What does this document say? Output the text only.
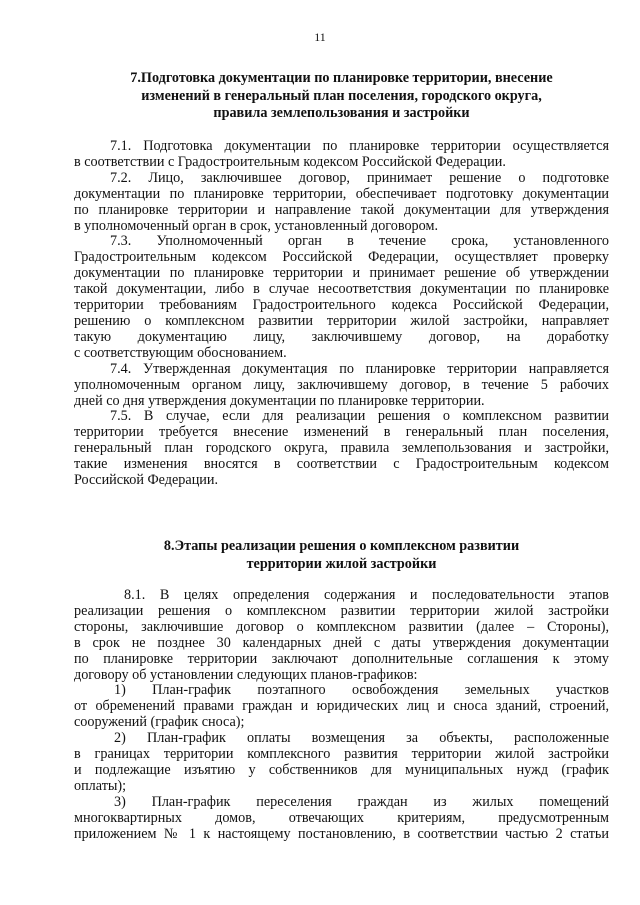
11
7.Подготовка документации по планировке территории, внесение
изменений в генеральный план поселения, городского округа,
правила землепользования и застройки
7.1. Подготовка документации по планировке территории осуществляется
в соответствии с Градостроительным кодексом Российской Федерации.
7.2. Лицо, заключившее договор, принимает решение о подготовке
документации по планировке территории, обеспечивает подготовку документации
по планировке территории и направление такой документации для утверждения
в уполномоченный орган в срок, установленный договором.
7.3. Уполномоченный орган в течение срока, установленного
Градостроительным кодексом Российской Федерации, осуществляет проверку
документации по планировке территории и принимает решение об утверждении
такой документации, либо в случае несоответствия документации по планировке
территории требованиям Градостроительного кодекса Российской Федерации,
решению о комплексном развитии территории жилой застройки, направляет
такую документацию лицу, заключившему договор, на доработку
с соответствующим обоснованием.
7.4. Утвержденная документация по планировке территории направляется
уполномоченным органом лицу, заключившему договор, в течение 5 рабочих
дней со дня утверждения документации по планировке территории.
7.5. В случае, если для реализации решения о комплексном развитии
территории требуется внесение изменений в генеральный план поселения,
генеральный план городского округа, правила землепользования и застройки,
такие изменения вносятся в соответствии с Градостроительным кодексом
Российской Федерации.
8.Этапы реализации решения о комплексном развитии
территории жилой застройки
8.1. В целях определения содержания и последовательности этапов
реализации решения о комплексном развитии территории жилой застройки
стороны, заключившие договор о комплексном развитии (далее – Стороны),
в срок не позднее 30 календарных дней с даты утверждения документации
по планировке территории заключают дополнительные соглашения к этому
договору об установлении следующих планов-графиков:
1) План-график поэтапного освобождения земельных участков
от обременений правами граждан и юридических лиц и сноса зданий, строений,
сооружений (график сноса);
2) План-график оплаты возмещения за объекты, расположенные
в границах территории комплексного развития территории жилой застройки
и подлежащие изъятию у собственников для муниципальных нужд (график
оплаты);
3) План-график переселения граждан из жилых помещений
многоквартирных домов, отвечающих критериям, предусмотренным
приложением № 1 к настоящему постановлению, в соответствии частью 2 статьи
